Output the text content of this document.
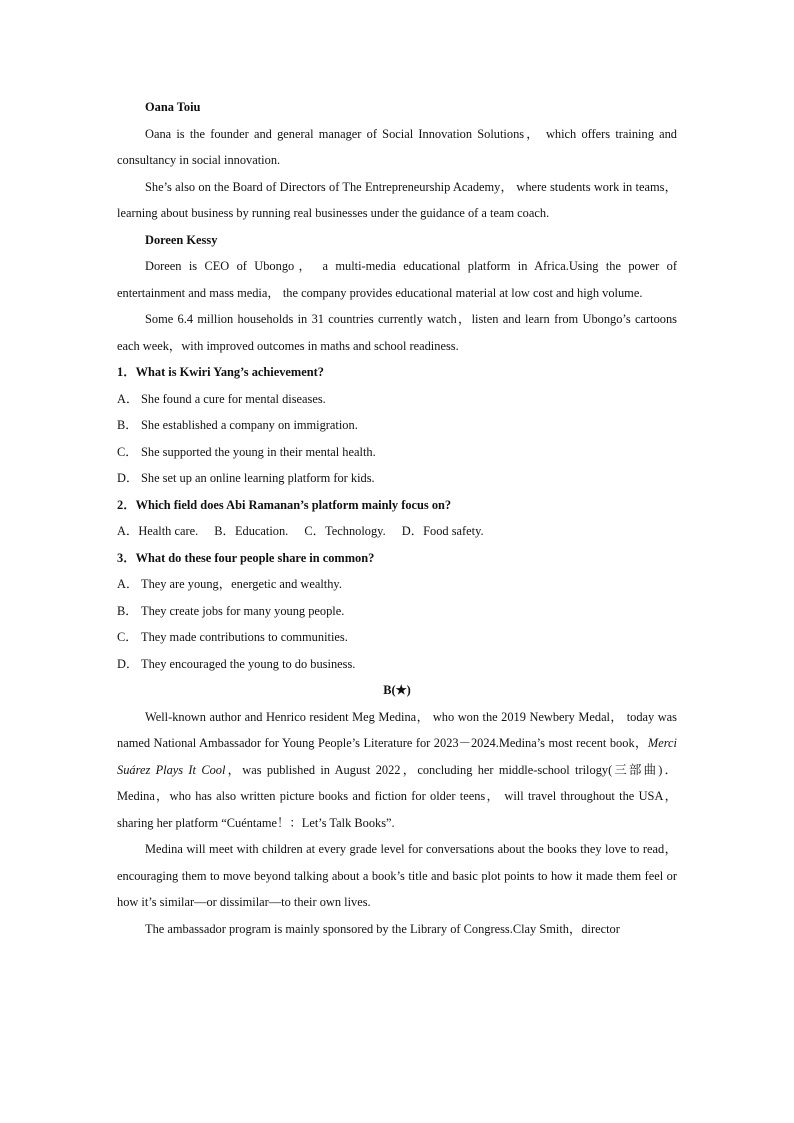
Oana Toiu

Oana is the founder and general manager of Social Innovation Solutions， which offers training and consultancy in social innovation.

She’s also on the Board of Directors of The Entrepreneurship Academy， where students work in teams， learning about business by running real businesses under the guidance of a team coach.

Doreen Kessy

Doreen is CEO of Ubongo， a multi-media educational platform in Africa.Using the power of entertainment and mass media， the company provides educational material at low cost and high volume.

Some 6.4 million households in 31 countries currently watch，listen and learn from Ubongo’s cartoons each week，with improved outcomes in maths and school readiness.

1．What is Kwiri Yang’s achievement?

A． She found a cure for mental diseases.

B． She established a company on immigration.

C． She supported the young in their mental health.

D． She set up an online learning platform for kids.

2．Which field does Abi Ramanan’s platform mainly focus on?

A．Health care. B．Education. C．Technology. D．Food safety.

3．What do these four people share in common?

A． They are young，energetic and wealthy.

B． They create jobs for many young people.

C． They made contributions to communities.

D． They encouraged the young to do business.

B(★)

Well-known author and Henrico resident Meg Medina， who won the 2019 Newbery Medal， today was named National Ambassador for Young People’s Literature for 2023－2024.Medina’s most recent book，Merci Suárez Plays It Cool，was published in August 2022，concluding her middle-school trilogy(三部曲)．Medina，who has also written picture books and fiction for older teens， will travel throughout the USA， sharing her platform “Cuéntame！：Let’s Talk Books”.

Medina will meet with children at every grade level for conversations about the books they love to read，encouraging them to move beyond talking about a book’s title and basic plot points to how it made them feel or how it’s similar—or dissimilar—to their own lives.

The ambassador program is mainly sponsored by the Library of Congress.Clay Smith，director
